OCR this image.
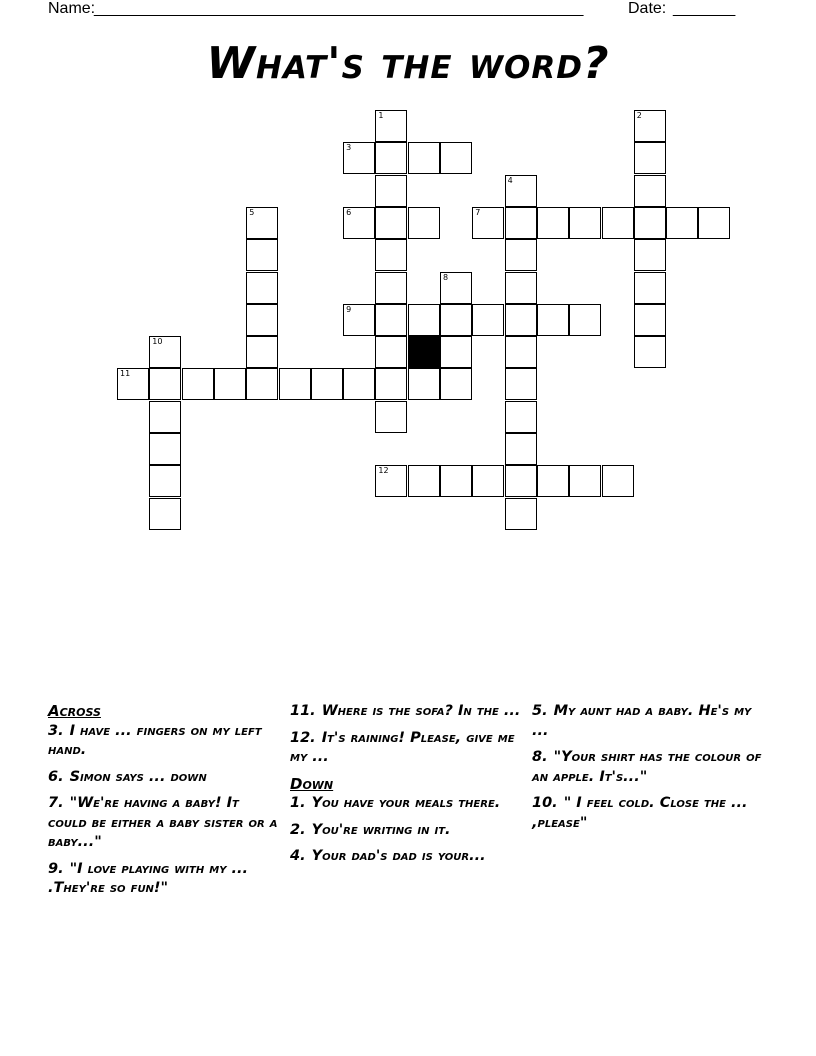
Name:
_______________________________________________________	Date: _______
What's the word?
3
6	7
9
11
12
1	2
4
5
8
10
Across
3. I have ... fingers on my left hand.
6. Simon says ... down
7. "We're having a baby! It could be either a baby sister or a baby..."
9. "I love playing with my ... .They're so fun!"
11. Where is the sofa? In the ...
12. It's raining! Please, give me my ...
Down
1. You have your meals there.
2. You're writing in it.
4. Your dad's dad is your...
5. My aunt had a baby. He's my ...
8. "Your shirt has the colour of an apple. It's..."
10. " I feel cold. Close the ... ,please"
